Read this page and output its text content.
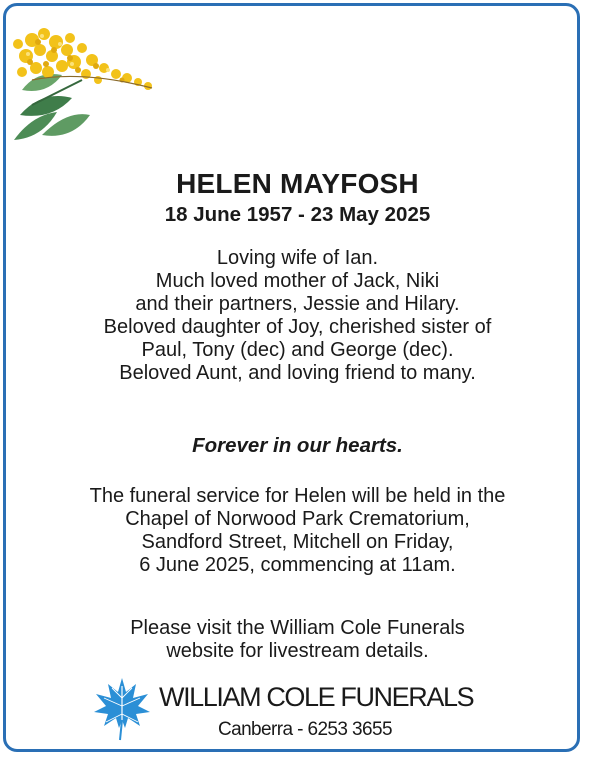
HELEN MAYFOSH
18 June 1957 - 23 May 2025
Loving wife of Ian.
Much loved mother of Jack, Niki
and their partners, Jessie and Hilary.
Beloved daughter of Joy, cherished sister of
Paul, Tony (dec) and George (dec).
Beloved Aunt, and loving friend to many.
Forever in our hearts.
The funeral service for Helen will be held in the
Chapel of Norwood Park Crematorium,
Sandford Street, Mitchell on Friday,
6 June 2025, commencing at 11am.
Please visit the William Cole Funerals
website for livestream details.
WILLIAM COLE FUNERALS
Canberra - 6253 3655
